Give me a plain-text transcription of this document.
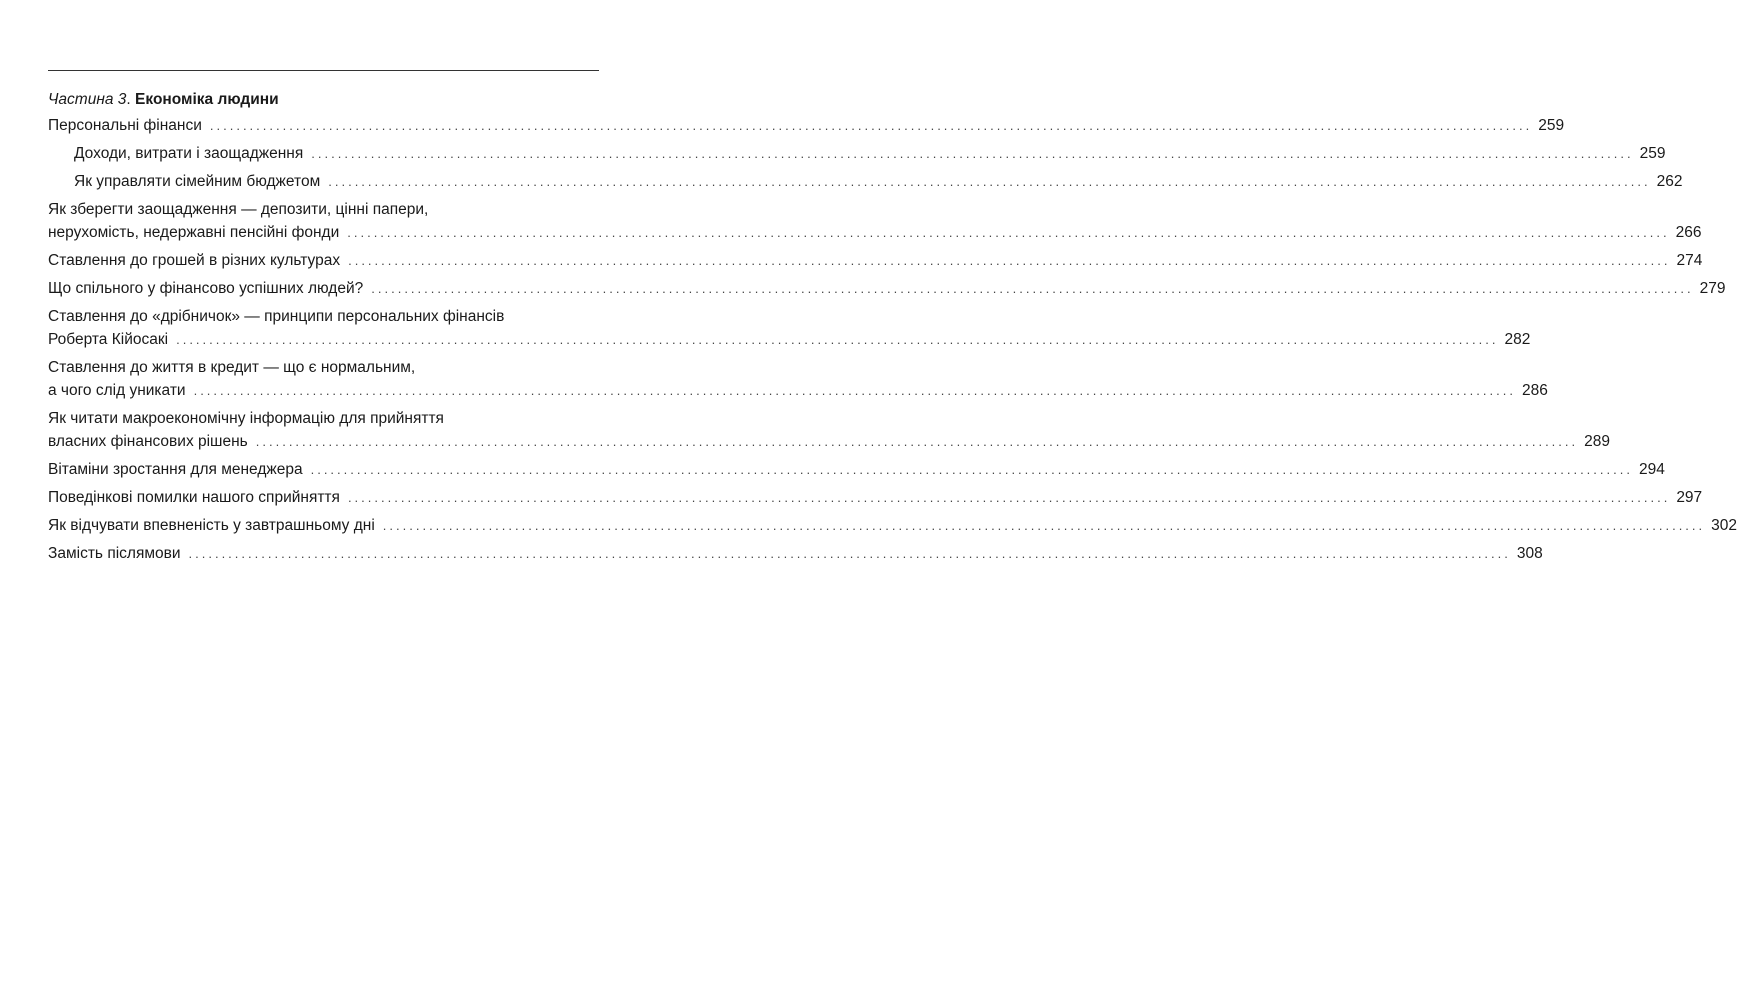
Частина 3. Економіка людини
Персональні фінанси ........................................................................................................................................................................................................ 259
Доходи, витрати і заощадження ........................................................................................................................................................................................................ 259
Як управляти сімейним бюджетом ........................................................................................................................................................................................................ 262
Як зберегти заощадження — депозити, цінні папери,
нерухомість, недержавні пенсійні фонди ........................................................................................................................................................................................................ 266
Ставлення до грошей в різних культурах ........................................................................................................................................................................................................ 274
Що спільного у фінансово успішних людей? ........................................................................................................................................................................................................ 279
Ставлення до «дрібничок» — принципи персональних фінансів
Роберта Кійосакі ........................................................................................................................................................................................................ 282
Ставлення до життя в кредит — що є нормальним,
а чого слід уникати ........................................................................................................................................................................................................ 286
Як читати макроекономічну інформацію для прийняття
власних фінансових рішень ........................................................................................................................................................................................................ 289
Вітаміни зростання для менеджера ........................................................................................................................................................................................................ 294
Поведінкові помилки нашого сприйняття ........................................................................................................................................................................................................ 297
Як відчувати впевненість у завтрашньому дні ........................................................................................................................................................................................................ 302
Замість післямови ........................................................................................................................................................................................................ 308
